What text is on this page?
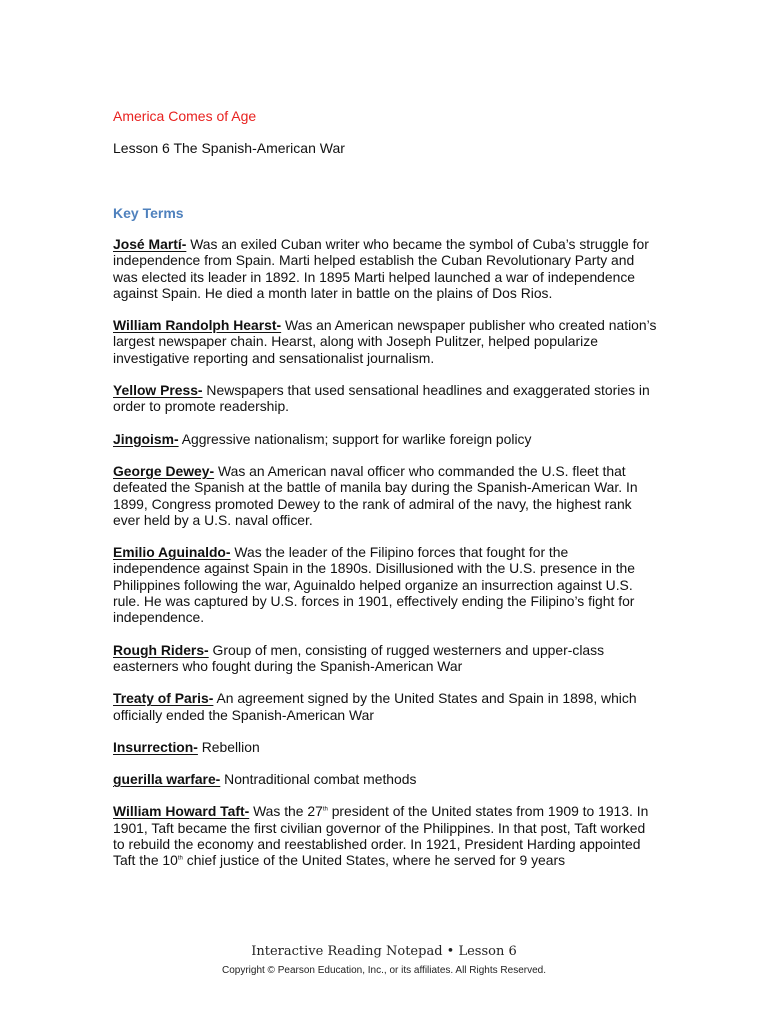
America Comes of Age
Lesson 6 The Spanish-American War
Key Terms

José Martí- Was an exiled Cuban writer who became the symbol of Cuba’s struggle for independence from Spain. Marti helped establish the Cuban Revolutionary Party and was elected its leader in 1892. In 1895 Marti helped launched a war of independence against Spain. He died a month later in battle on the plains of Dos Rios.

William Randolph Hearst- Was an American newspaper publisher who created nation’s largest newspaper chain. Hearst, along with Joseph Pulitzer, helped popularize investigative reporting and sensationalist journalism.

Yellow Press- Newspapers that used sensational headlines and exaggerated stories in order to promote readership.

Jingoism- Aggressive nationalism; support for warlike foreign policy

George Dewey- Was an American naval officer who commanded the U.S. fleet that defeated the Spanish at the battle of manila bay during the Spanish-American War. In 1899, Congress promoted Dewey to the rank of admiral of the navy, the highest rank ever held by a U.S. naval officer.

Emilio Aguinaldo- Was the leader of the Filipino forces that fought for the independence against Spain in the 1890s. Disillusioned with the U.S. presence in the Philippines following the war, Aguinaldo helped organize an insurrection against U.S. rule. He was captured by U.S. forces in 1901, effectively ending the Filipino’s fight for independence.

Rough Riders- Group of men, consisting of rugged westerners and upper-class easterners who fought during the Spanish-American War

Treaty of Paris- An agreement signed by the United States and Spain in 1898, which officially ended the Spanish-American War

Insurrection- Rebellion

guerilla warfare- Nontraditional combat methods

William Howard Taft- Was the 27th president of the United states from 1909 to 1913. In 1901, Taft became the first civilian governor of the Philippines. In that post, Taft worked to rebuild the economy and reestablished order. In 1921, President Harding appointed Taft the 10th chief justice of the United States, where he served for 9 years

Interactive Reading Notepad • Lesson 6
Copyright © Pearson Education, Inc., or its affiliates. All Rights Reserved.
